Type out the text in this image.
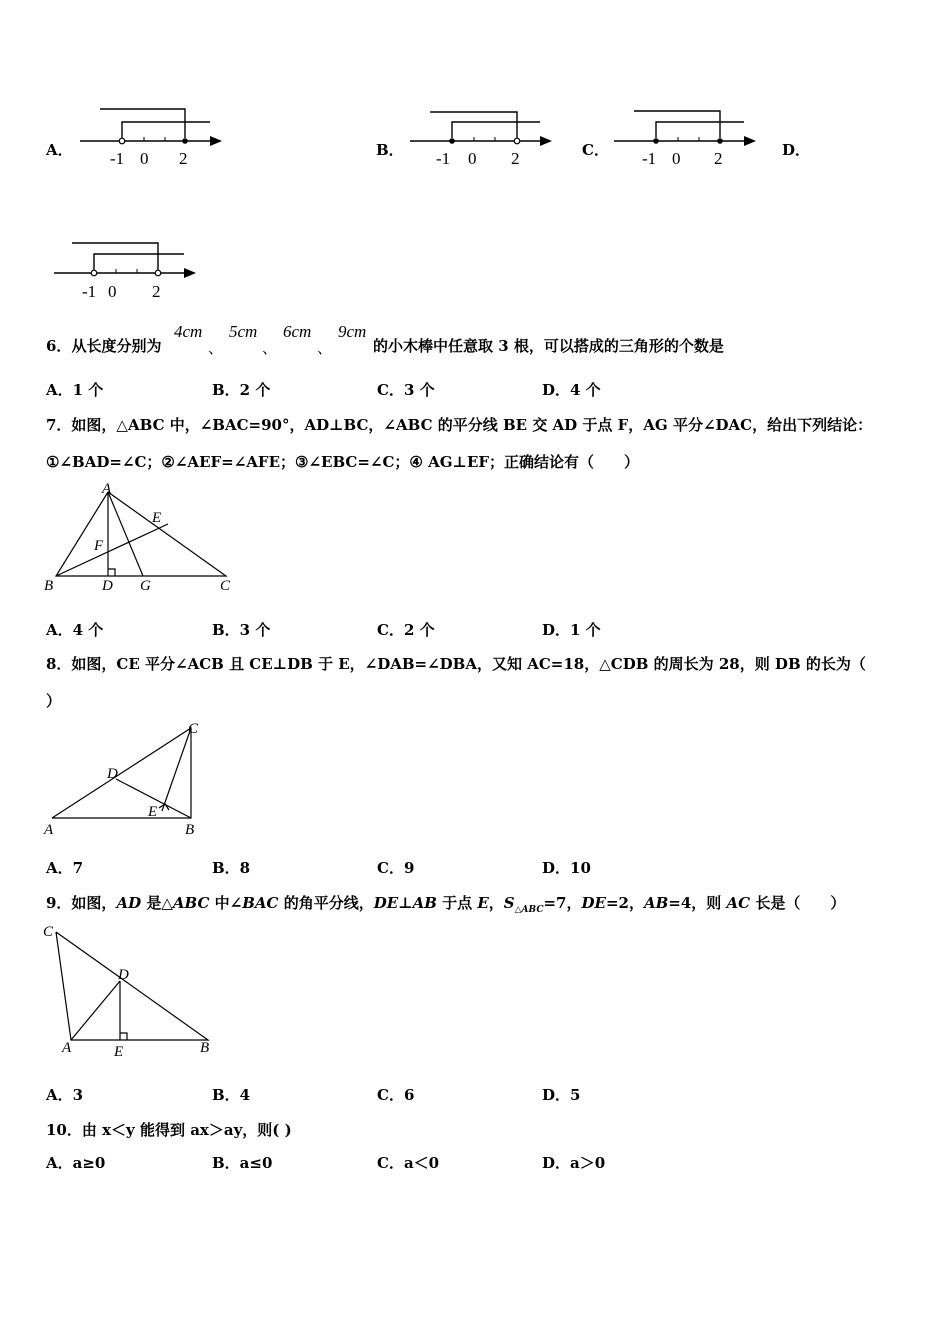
A． -1 0 2	B． -1 0 2	C． -1 0 2	D．
-1 0 2
6．从长度分别为
4cm
、
5cm
、
6cm
、
9cm
的小木棒中任意取 3 根，可以搭成的三角形的个数是
A．1 个	B．2 个	C．3 个	D．4 个
7．如图，△ABC 中，∠BAC=90°，AD⊥BC，∠ABC 的平分线 BE 交 AD 于点 F，AG 平分∠DAC，给出下列结论：
①∠BAD=∠C；②∠AEF=∠AFE；③∠EBC=∠C；④ AG⊥EF；正确结论有（　　）
A
B	C
D
E
F
G
A．4 个	B．3 个	C．2 个	D．1 个
8．如图，CE 平分∠ACB 且 CE⊥DB 于 E，∠DAB=∠DBA，又知 AC=18，△CDB 的周长为 28，则 DB 的长为（
）
C
D
E
A	B
A．7	B．8	C．9	D．10
9．如图，AD 是△ABC 中∠BAC 的角平分线，DE⊥AB 于点 E，$S_{\triangle ABC}=7$，DE=2，AB=4，则 AC 长是（　　）
C
D
A	E	B
A．3	B．4	C．6	D．5
10．由 x＜y 能得到 ax＞ay，则( )
A．a≥0	B．a≤0	C．a＜0	D．a＞0
